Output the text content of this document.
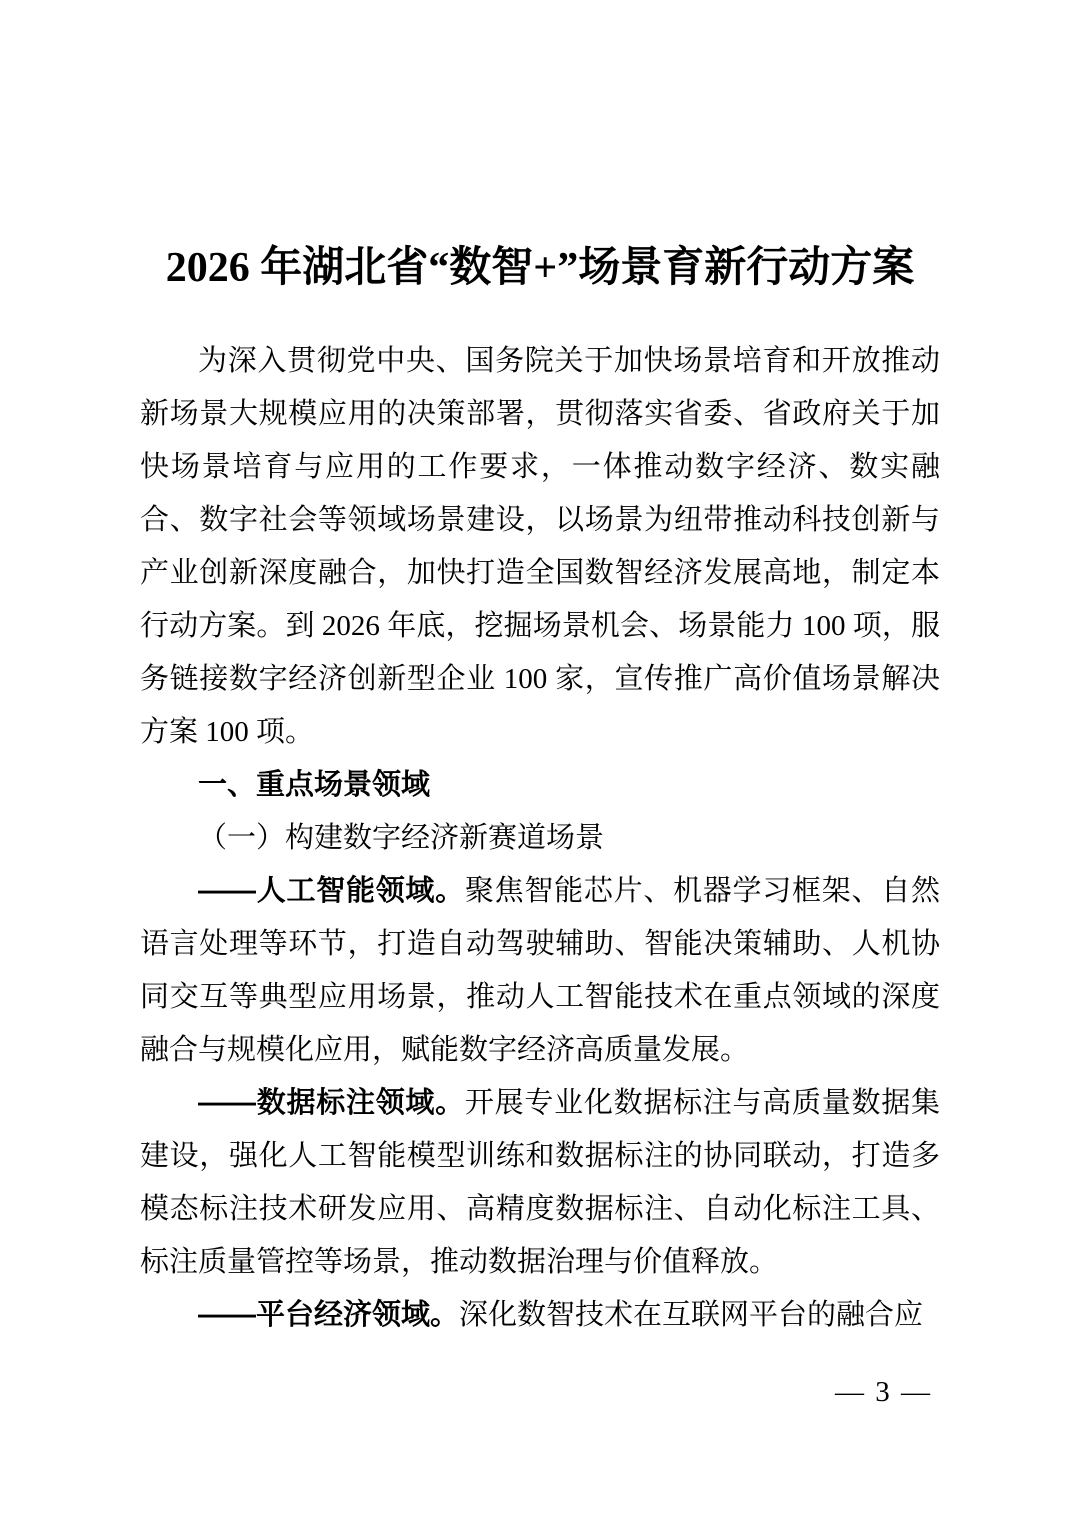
2026 年湖北省“数智+”场景育新行动方案

为深入贯彻党中央、国务院关于加快场景培育和开放推动新场景大规模应用的决策部署，贯彻落实省委、省政府关于加快场景培育与应用的工作要求，一体推动数字经济、数实融合、数字社会等领域场景建设，以场景为纽带推动科技创新与产业创新深度融合，加快打造全国数智经济发展高地，制定本行动方案。到 2026 年底，挖掘场景机会、场景能力 100 项，服务链接数字经济创新型企业 100 家，宣传推广高价值场景解决方案 100 项。

一、重点场景领域

（一）构建数字经济新赛道场景

——人工智能领域。聚焦智能芯片、机器学习框架、自然语言处理等环节，打造自动驾驶辅助、智能决策辅助、人机协同交互等典型应用场景，推动人工智能技术在重点领域的深度融合与规模化应用，赋能数字经济高质量发展。

——数据标注领域。开展专业化数据标注与高质量数据集建设，强化人工智能模型训练和数据标注的协同联动，打造多模态标注技术研发应用、高精度数据标注、自动化标注工具、标注质量管控等场景，推动数据治理与价值释放。

——平台经济领域。深化数智技术在互联网平台的融合应

— 3 —
